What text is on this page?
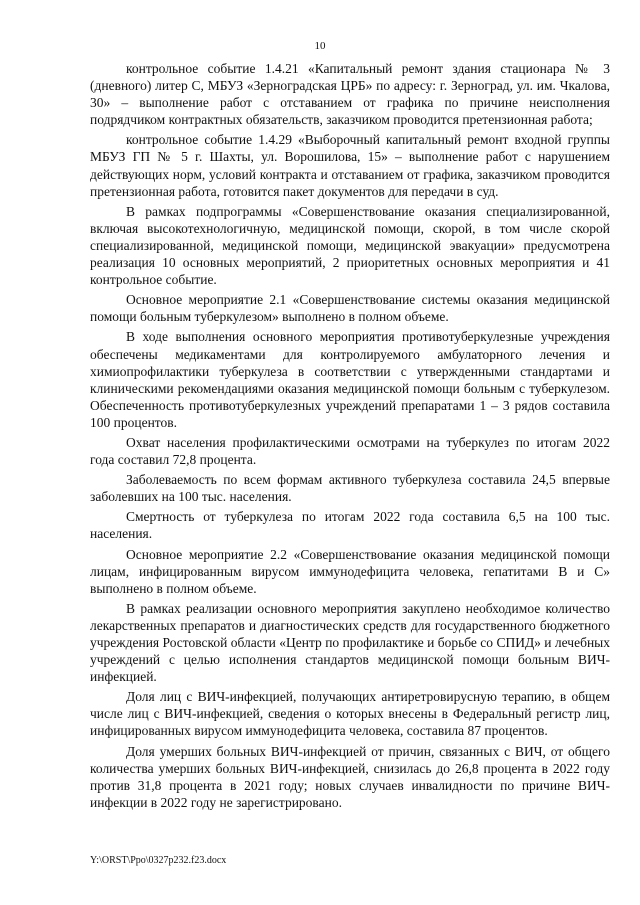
10

контрольное событие 1.4.21 «Капитальный ремонт здания стационара № 3 (дневного) литер С, МБУЗ «Зерноградская ЦРБ» по адресу: г. Зерноград, ул. им. Чкалова, 30» – выполнение работ с отставанием от графика по причине неисполнения подрядчиком контрактных обязательств, заказчиком проводится претензионная работа;

контрольное событие 1.4.29 «Выборочный капитальный ремонт входной группы МБУЗ ГП № 5 г. Шахты, ул. Ворошилова, 15» – выполнение работ с нарушением действующих норм, условий контракта и отставанием от графика, заказчиком проводится претензионная работа, готовится пакет документов для передачи в суд.

В рамках подпрограммы «Совершенствование оказания специализированной, включая высокотехнологичную, медицинской помощи, скорой, в том числе скорой специализированной, медицинской помощи, медицинской эвакуации» предусмотрена реализация 10 основных мероприятий, 2 приоритетных основных мероприятия и 41 контрольное событие.

Основное мероприятие 2.1 «Совершенствование системы оказания медицинской помощи больным туберкулезом» выполнено в полном объеме.

В ходе выполнения основного мероприятия противотуберкулезные учреждения обеспечены медикаментами для контролируемого амбулаторного лечения и химиопрофилактики туберкулеза в соответствии с утвержденными стандартами и клиническими рекомендациями оказания медицинской помощи больным с туберкулезом. Обеспеченность противотуберкулезных учреждений препаратами 1 – 3 рядов составила 100 процентов.

Охват населения профилактическими осмотрами на туберкулез по итогам 2022 года составил 72,8 процента.

Заболеваемость по всем формам активного туберкулеза составила 24,5 впервые заболевших на 100 тыс. населения.

Смертность от туберкулеза по итогам 2022 года составила 6,5 на 100 тыс. населения.

Основное мероприятие 2.2 «Совершенствование оказания медицинской помощи лицам, инфицированным вирусом иммунодефицита человека, гепатитами В и С» выполнено в полном объеме.

В рамках реализации основного мероприятия закуплено необходимое количество лекарственных препаратов и диагностических средств для государственного бюджетного учреждения Ростовской области «Центр по профилактике и борьбе со СПИД» и лечебных учреждений с целью исполнения стандартов медицинской помощи больным ВИЧ-инфекцией.

Доля лиц с ВИЧ-инфекцией, получающих антиретровирусную терапию, в общем числе лиц с ВИЧ-инфекцией, сведения о которых внесены в Федеральный регистр лиц, инфицированных вирусом иммунодефицита человека, составила 87 процентов.

Доля умерших больных ВИЧ-инфекцией от причин, связанных с ВИЧ, от общего количества умерших больных ВИЧ-инфекцией, снизилась до 26,8 процента в 2022 году против 31,8 процента в 2021 году; новых случаев инвалидности по причине ВИЧ-инфекции в 2022 году не зарегистрировано.

Y:\ORST\Ppo\0327p232.f23.docx
